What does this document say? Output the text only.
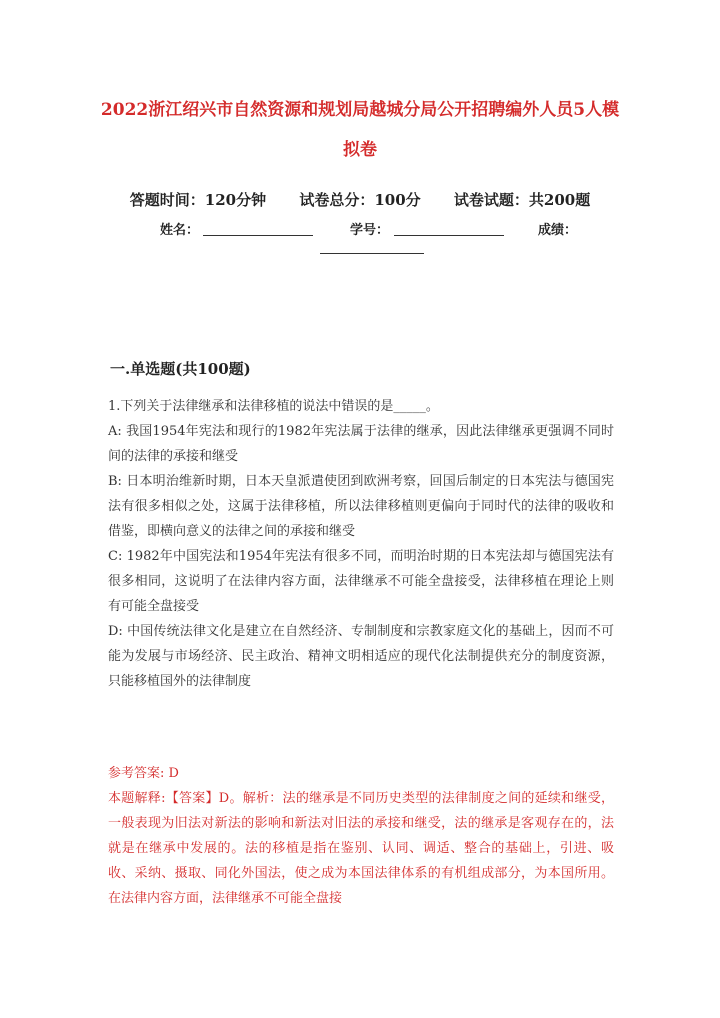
2022浙江绍兴市自然资源和规划局越城分局公开招聘编外人员5人模拟卷
答题时间：120分钟 试卷总分：100分 试卷试题：共200题
姓名：	学号：	成绩：
一.单选题(共100题)

1.下列关于法律继承和法律移植的说法中错误的是_____。

A: 我国1954年宪法和现行的1982年宪法属于法律的继承，因此法律继承更强调不同时间的法律的承接和继受

B: 日本明治维新时期，日本天皇派遣使团到欧洲考察，回国后制定的日本宪法与德国宪法有很多相似之处，这属于法律移植，所以法律移植则更偏向于同时代的法律的吸收和借鉴，即横向意义的法律之间的承接和继受

C: 1982年中国宪法和1954年宪法有很多不同，而明治时期的日本宪法却与德国宪法有很多相同，这说明了在法律内容方面，法律继承不可能全盘接受，法律移植在理论上则有可能全盘接受

D: 中国传统法律文化是建立在自然经济、专制制度和宗教家庭文化的基础上，因而不可能为发展与市场经济、民主政治、精神文明相适应的现代化法制提供充分的制度资源，只能移植国外的法律制度

参考答案: D

本题解释:【答案】D。解析：法的继承是不同历史类型的法律制度之间的延续和继受，一般表现为旧法对新法的影响和新法对旧法的承接和继受，法的继承是客观存在的，法就是在继承中发展的。法的移植是指在鉴别、认同、调适、整合的基础上，引进、吸收、采纳、摄取、同化外国法，使之成为本国法律体系的有机组成部分，为本国所用。在法律内容方面，法律继承不可能全盘接
